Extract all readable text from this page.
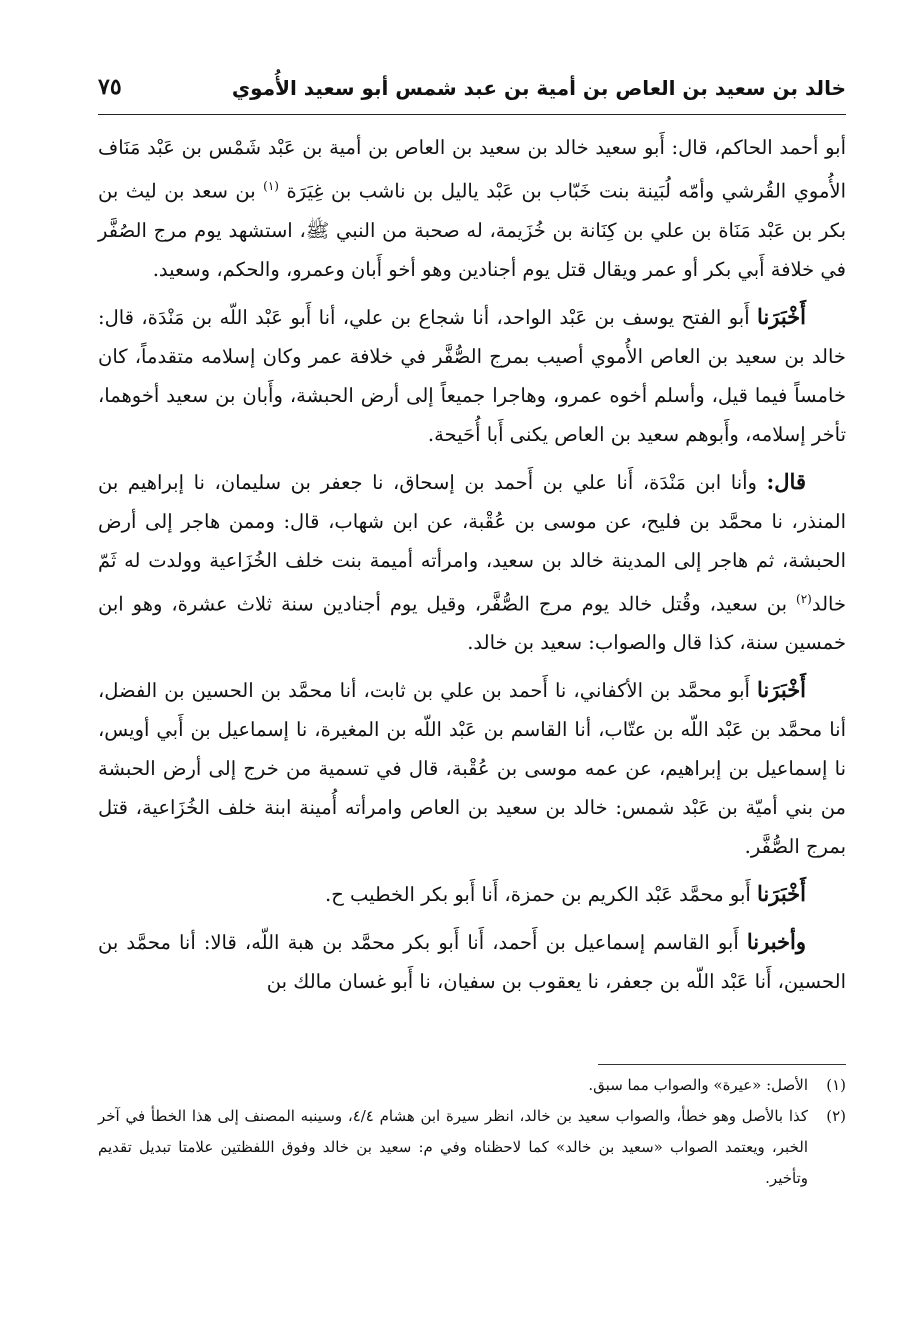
خالد بن سعيد بن العاص بن أمية بن عبد شمس أبو سعيد الأُموي
٧٥

أبو أحمد الحاكم، قال: أَبو سعيد خالد بن سعيد بن العاص بن أمية بن عَبْد شَمْس بن عَبْد مَنَاف الأُموي القُرشي وأمّه لُبَينة بنت خَبّاب بن عَبْد ياليل بن ناشب بن غِيَرَة $^{(١)}$ بن سعد بن ليث بن بكر بن عَبْد مَنَاة بن علي بن كِنَانة بن خُزَيمة، له صحبة من النبي ﷺ، استشهد يوم مرج الصُفَّر في خلافة أَبي بكر أو عمر ويقال قتل يوم أجنادين وهو أخو أَبان وعمرو، والحكم، وسعيد.

أَخْبَرَنا أَبو الفتح يوسف بن عَبْد الواحد، أنا شجاع بن علي، أنا أَبو عَبْد اللّه بن مَنْدَة، قال: خالد بن سعيد بن العاص الأُموي أصيب بمرج الصُّفَّر في خلافة عمر وكان إسلامه متقدماً، كان خامساً فيما قيل، وأسلم أخوه عمرو، وهاجرا جميعاً إلى أرض الحبشة، وأَبان بن سعيد أخوهما، تأخر إسلامه، وأَبوهم سعيد بن العاص يكنى أَبا أُحَيحة.

قال: وأنا ابن مَنْدَة، أَنا علي بن أَحمد بن إسحاق، نا جعفر بن سليمان، نا إبراهيم بن المنذر، نا محمَّد بن فليح، عن موسى بن عُقْبة، عن ابن شهاب، قال: وممن هاجر إلى أرض الحبشة، ثم هاجر إلى المدينة خالد بن سعيد، وامرأته أميمة بنت خلف الخُزَاعية وولدت له ثَمّ خالد$^{(٢)}$ بن سعيد، وقُتل خالد يوم مرج الصُّفَّر، وقيل يوم أجنادين سنة ثلاث عشرة، وهو ابن خمسين سنة، كذا قال والصواب: سعيد بن خالد.

أَخْبَرَنا أَبو محمَّد بن الأكفاني، نا أَحمد بن علي بن ثابت، أنا محمَّد بن الحسين بن الفضل، أنا محمَّد بن عَبْد اللّه بن عتّاب، أنا القاسم بن عَبْد اللّه بن المغيرة، نا إسماعيل بن أَبي أويس، نا إسماعيل بن إبراهيم، عن عمه موسى بن عُقْبة، قال في تسمية من خرج إلى أرض الحبشة من بني أميّة بن عَبْد شمس: خالد بن سعيد بن العاص وامرأته أُمينة ابنة خلف الخُزَاعية، قتل بمرج الصُّفَّر.

أَخْبَرَنا أَبو محمَّد عَبْد الكريم بن حمزة، أَنا أَبو بكر الخطيب ح.

وأخبرنا أَبو القاسم إسماعيل بن أَحمد، أَنا أَبو بكر محمَّد بن هبة اللّه، قالا: أنا محمَّد بن الحسين، أَنا عَبْد اللّه بن جعفر، نا يعقوب بن سفيان، نا أَبو غسان مالك بن

(١)
الأصل: «عيرة» والصواب مما سبق.
(٢)
كذا بالأصل وهو خطأ، والصواب سعيد بن خالد، انظر سيرة ابن هشام ٤/٤، وسينبه المصنف إلى هذا الخطأ في آخر الخبر، ويعتمد الصواب «سعيد بن خالد» كما لاحظناه وفي م: سعيد بن خالد وفوق اللفظتين علامتا تبديل تقديم وتأخير.
